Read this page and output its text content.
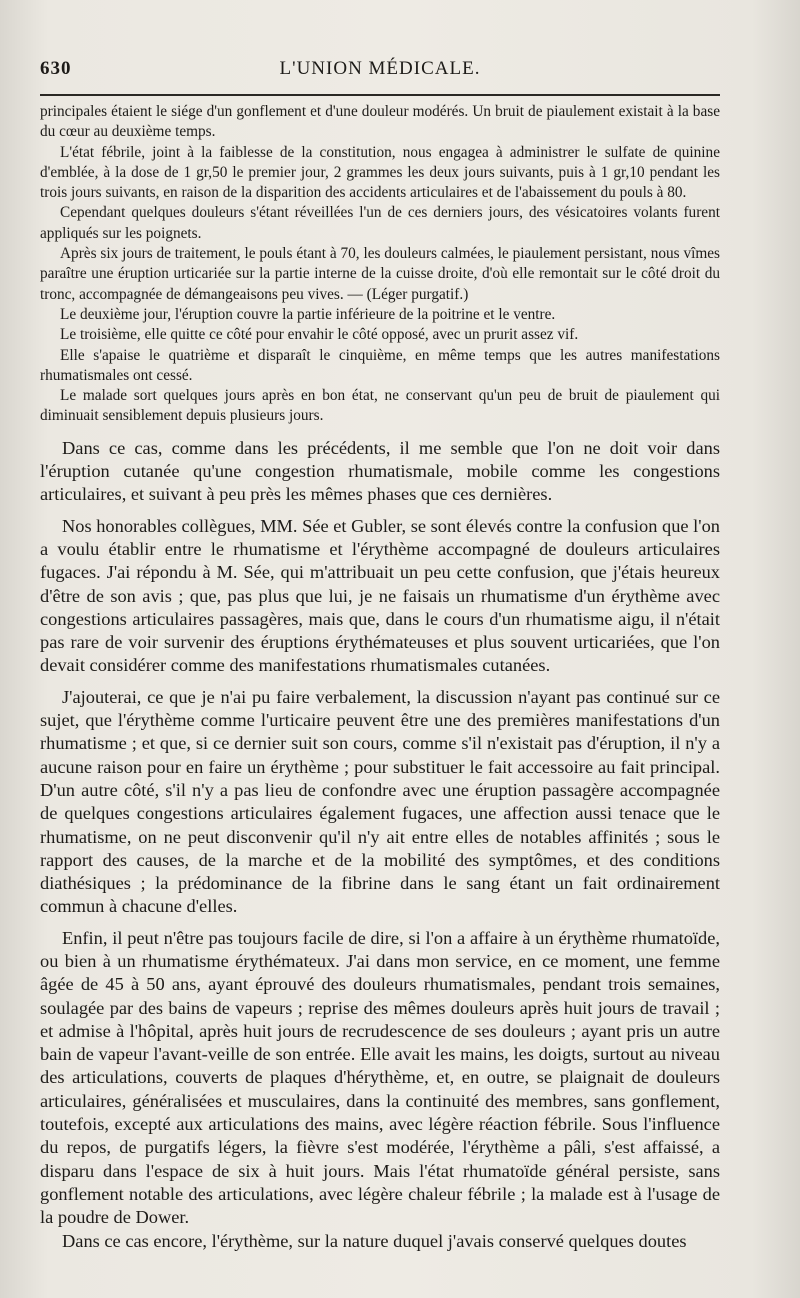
630	L'UNION MÉDICALE.

principales étaient le siége d'un gonflement et d'une douleur modérés. Un bruit de piaulement existait à la base du cœur au deuxième temps.

L'état fébrile, joint à la faiblesse de la constitution, nous engagea à administrer le sulfate de quinine d'emblée, à la dose de 1 gr,50 le premier jour, 2 grammes les deux jours suivants, puis à 1 gr,10 pendant les trois jours suivants, en raison de la disparition des accidents articulaires et de l'abaissement du pouls à 80.

Cependant quelques douleurs s'étant réveillées l'un de ces derniers jours, des vésicatoires volants furent appliqués sur les poignets.

Après six jours de traitement, le pouls étant à 70, les douleurs calmées, le piaulement persistant, nous vîmes paraître une éruption urticariée sur la partie interne de la cuisse droite, d'où elle remontait sur le côté droit du tronc, accompagnée de démangeaisons peu vives. — (Léger purgatif.)

Le deuxième jour, l'éruption couvre la partie inférieure de la poitrine et le ventre.

Le troisième, elle quitte ce côté pour envahir le côté opposé, avec un prurit assez vif.

Elle s'apaise le quatrième et disparaît le cinquième, en même temps que les autres manifestations rhumatismales ont cessé.

Le malade sort quelques jours après en bon état, ne conservant qu'un peu de bruit de piaulement qui diminuait sensiblement depuis plusieurs jours.

Dans ce cas, comme dans les précédents, il me semble que l'on ne doit voir dans l'éruption cutanée qu'une congestion rhumatismale, mobile comme les congestions articulaires, et suivant à peu près les mêmes phases que ces dernières.

Nos honorables collègues, MM. Sée et Gubler, se sont élevés contre la confusion que l'on a voulu établir entre le rhumatisme et l'érythème accompagné de douleurs articulaires fugaces. J'ai répondu à M. Sée, qui m'attribuait un peu cette confusion, que j'étais heureux d'être de son avis ; que, pas plus que lui, je ne faisais un rhumatisme d'un érythème avec congestions articulaires passagères, mais que, dans le cours d'un rhumatisme aigu, il n'était pas rare de voir survenir des éruptions érythémateuses et plus souvent urticariées, que l'on devait considérer comme des manifestations rhumatismales cutanées.

J'ajouterai, ce que je n'ai pu faire verbalement, la discussion n'ayant pas continué sur ce sujet, que l'érythème comme l'urticaire peuvent être une des premières manifestations d'un rhumatisme ; et que, si ce dernier suit son cours, comme s'il n'existait pas d'éruption, il n'y a aucune raison pour en faire un érythème ; pour substituer le fait accessoire au fait principal. D'un autre côté, s'il n'y a pas lieu de confondre avec une éruption passagère accompagnée de quelques congestions articulaires également fugaces, une affection aussi tenace que le rhumatisme, on ne peut disconvenir qu'il n'y ait entre elles de notables affinités ; sous le rapport des causes, de la marche et de la mobilité des symptômes, et des conditions diathésiques ; la prédominance de la fibrine dans le sang étant un fait ordinairement commun à chacune d'elles.

Enfin, il peut n'être pas toujours facile de dire, si l'on a affaire à un érythème rhumatoïde, ou bien à un rhumatisme érythémateux. J'ai dans mon service, en ce moment, une femme âgée de 45 à 50 ans, ayant éprouvé des douleurs rhumatismales, pendant trois semaines, soulagée par des bains de vapeurs ; reprise des mêmes douleurs après huit jours de travail ; et admise à l'hôpital, après huit jours de recrudescence de ses douleurs ; ayant pris un autre bain de vapeur l'avant-veille de son entrée. Elle avait les mains, les doigts, surtout au niveau des articulations, couverts de plaques d'hérythème, et, en outre, se plaignait de douleurs articulaires, généralisées et musculaires, dans la continuité des membres, sans gonflement, toutefois, excepté aux articulations des mains, avec légère réaction fébrile. Sous l'influence du repos, de purgatifs légers, la fièvre s'est modérée, l'érythème a pâli, s'est affaissé, a disparu dans l'espace de six à huit jours. Mais l'état rhumatoïde général persiste, sans gonflement notable des articulations, avec légère chaleur fébrile ; la malade est à l'usage de la poudre de Dower.

Dans ce cas encore, l'érythème, sur la nature duquel j'avais conservé quelques doutes
